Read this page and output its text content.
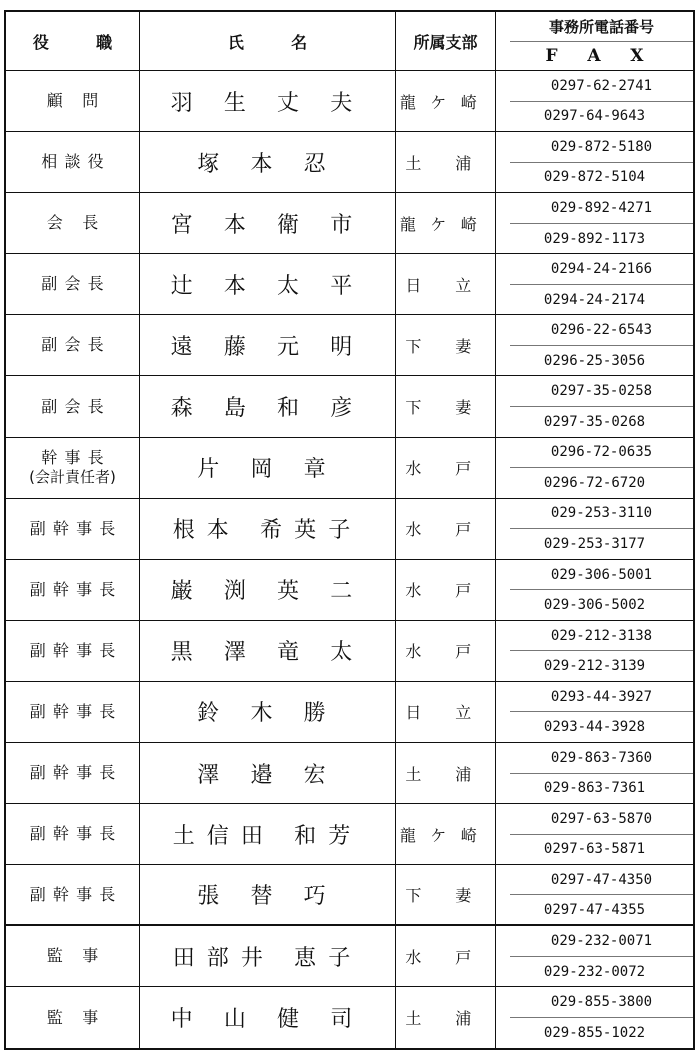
役 職	氏 名	所属支部
事務所電話番号
F A X
顧 問	羽 生 丈 夫	龍ケ崎
0297-62-2741
0297-64-9643
相談役	塚 本 忍	土 浦
029-872-5180
029-872-5104
会 長	宮 本 衛 市	龍ケ崎
029-892-4271
029-892-1173
副会長	辻 本 太 平	日 立
0294-24-2166
0294-24-2174
副会長	遠 藤 元 明	下 妻
0296-22-6543
0296-25-3056
副会長	森 島 和 彦	下 妻
0297-35-0258
0297-35-0268
幹事長
(会計責任者)	片 岡 章	水 戸
0296-72-0635
0296-72-6720
副幹事長	根本 希英子	水 戸
029-253-3110
029-253-3177
副幹事長	巌 渕 英 二	水 戸
029-306-5001
029-306-5002
副幹事長	黒 澤 竜 太	水 戸
029-212-3138
029-212-3139
副幹事長	鈴 木 勝	日 立
0293-44-3927
0293-44-3928
副幹事長	澤 邉 宏	土 浦
029-863-7360
029-863-7361
副幹事長	土信田 和芳	龍ケ崎
0297-63-5870
0297-63-5871
副幹事長	張 替 巧	下 妻
0297-47-4350
0297-47-4355
監 事	田部井 恵子	水 戸
029-232-0071
029-232-0072
監 事	中 山 健 司	土 浦
029-855-3800
029-855-1022
